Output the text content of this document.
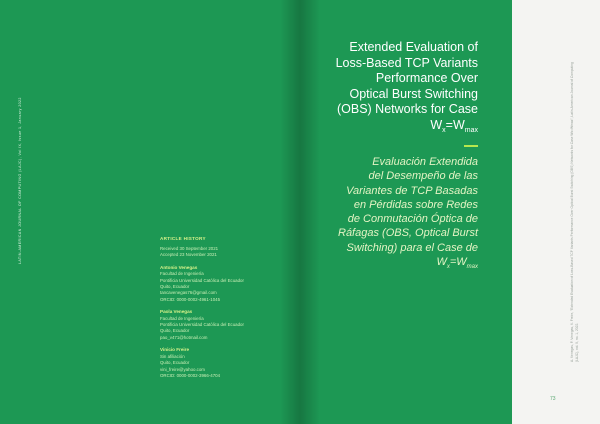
LATIN-AMERICAN JOURNAL OF COMPUTING (LAJC), Vol IX, Issue 1, January 2022	ARTICLE HISTORY
Received 30 September 2021
Accepted 23 November 2021
Antonio Venegas
Facultad de Ingeniería
Pontificia Universidad Católica del Ecuador
Quito, Ecuador
tancavenegas76@gmail.com
ORCID: 0000-0002-4961-1045
Paola Venegas
Facultad de Ingeniería
Pontificia Universidad Católica del Ecuador
Quito, Ecuador
pao_v471@hotmail.com
Vinicio Freire
Sin afiliación
Quito, Ecuador
vini_freire@yahoo.com
ORCID: 0000-0002-3966-4704
Extended Evaluation of
Loss-Based TCP Variants
Performance Over
Optical Burst Switching
(OBS) Networks for Case
$W_x=W_{max}$
Evaluación Extendida
del Desempeño de las
Variantes de TCP Basadas
en Pérdidas sobre Redes
de Conmutación Óptica de
Ráfagas (OBS, Optical Burst
Switching) para el Case de
$W_x=W_{max}$	A. Venegas, P. Venegas, V. Freire, "Extended Evaluation of Loss-Based TCP Variants Performance Over Optical Burst Switching (OBS) Networks for Case Wx=Wmax", Latin-American Journal of Computing (LAJC), vol. 9, no. 1, 2022.
73
